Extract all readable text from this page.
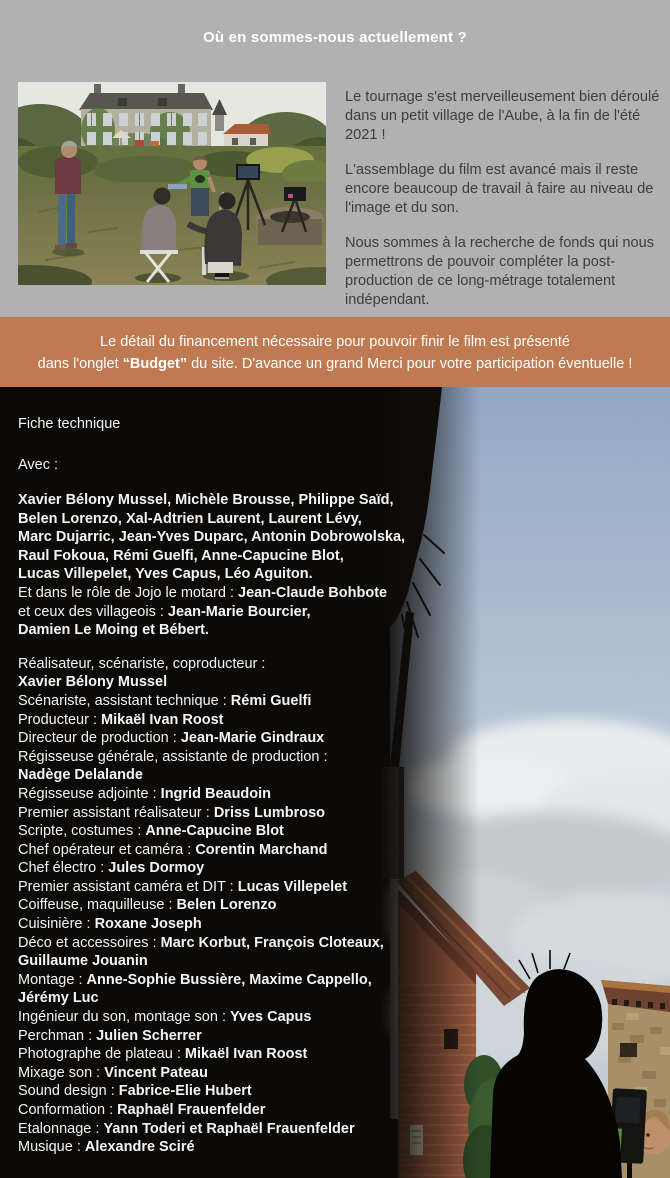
Où en sommes-nous actuellement ?

Le tournage s'est merveilleusement bien déroulé dans un petit village de l'Aube, à la fin de l'été 2021 !

L'assemblage du film est avancé mais il reste encore beaucoup de travail à faire au niveau de l'image et du son.

Nous sommes à la recherche de fonds qui nous permettrons de pouvoir compléter la post-production de ce long-métrage totalement indépendant.

Le détail du financement nécessaire pour pouvoir finir le film est présenté
dans l'onglet “Budget” du site. D'avance un grand Merci pour votre participation éventuelle !
Fiche technique
Avec :
Xavier Bélony Mussel, Michèle Brousse, Philippe Saïd,
Belen Lorenzo, Xal-Adtrien Laurent, Laurent Lévy,
Marc Dujarric, Jean-Yves Duparc, Antonin Dobrowolska,
Raul Fokoua, Rémi Guelfi, Anne-Capucine Blot,
Lucas Villepelet, Yves Capus, Léo Aguiton.
Et dans le rôle de Jojo le motard : Jean-Claude Bohbote
et ceux des villageois : Jean-Marie Bourcier,
Damien Le Moing et Bébert.
Réalisateur, scénariste, coproducteur :
Xavier Bélony Mussel
Scénariste, assistant technique : Rémi Guelfi
Producteur : Mikaël Ivan Roost
Directeur de production : Jean-Marie Gindraux
Régisseuse générale, assistante de production :
Nadège Delalande
Régisseuse adjointe : Ingrid Beaudoin
Premier assistant réalisateur : Driss Lumbroso
Scripte, costumes : Anne-Capucine Blot
Chef opérateur et caméra : Corentin Marchand
Chef électro : Jules Dormoy
Premier assistant caméra et DIT : Lucas Villepelet
Coiffeuse, maquilleuse : Belen Lorenzo
Cuisinière : Roxane Joseph
Déco et accessoires : Marc Korbut, François Cloteaux,
Guillaume Jouanin
Montage : Anne-Sophie Bussière, Maxime Cappello,
Jérémy Luc
Ingénieur du son, montage son : Yves Capus
Perchman : Julien Scherrer
Photographe de plateau : Mikaël Ivan Roost
Mixage son : Vincent Pateau
Sound design : Fabrice-Elie Hubert
Conformation : Raphaël Frauenfelder
Etalonnage : Yann Toderi et Raphaël Frauenfelder
Musique : Alexandre Sciré
